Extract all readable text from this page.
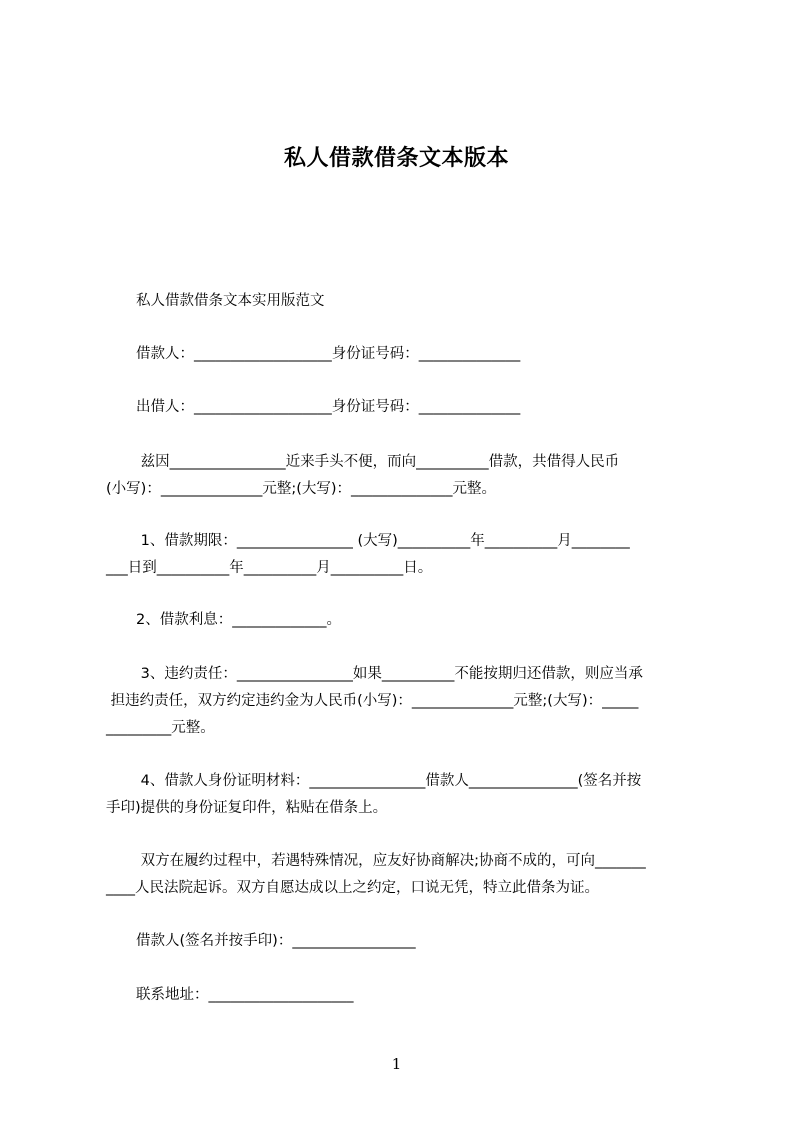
私人借款借条文本版本
私人借款借条文本实用版范文
借款人：___________________身份证号码：______________
出借人：___________________身份证号码：______________
兹因________________近来手头不便，而向__________借款，共借得人民币
(小写)：______________元整;(大写)：______________元整。
1、借款期限：________________ (大写)__________年__________月________
___日到__________年__________月__________日。
2、借款利息：_____________。
3、违约责任：________________如果__________不能按期归还借款，则应当承
担违约责任，双方约定违约金为人民币(小写)：______________元整;(大写)：_____
_________元整。
4、借款人身份证明材料：________________借款人_______________(签名并按
手印)提供的身份证复印件，粘贴在借条上。
双方在履约过程中，若遇特殊情况，应友好协商解决;协商不成的，可向_______
____人民法院起诉。双方自愿达成以上之约定，口说无凭，特立此借条为证。
借款人(签名并按手印)：_________________
联系地址：____________________
1
